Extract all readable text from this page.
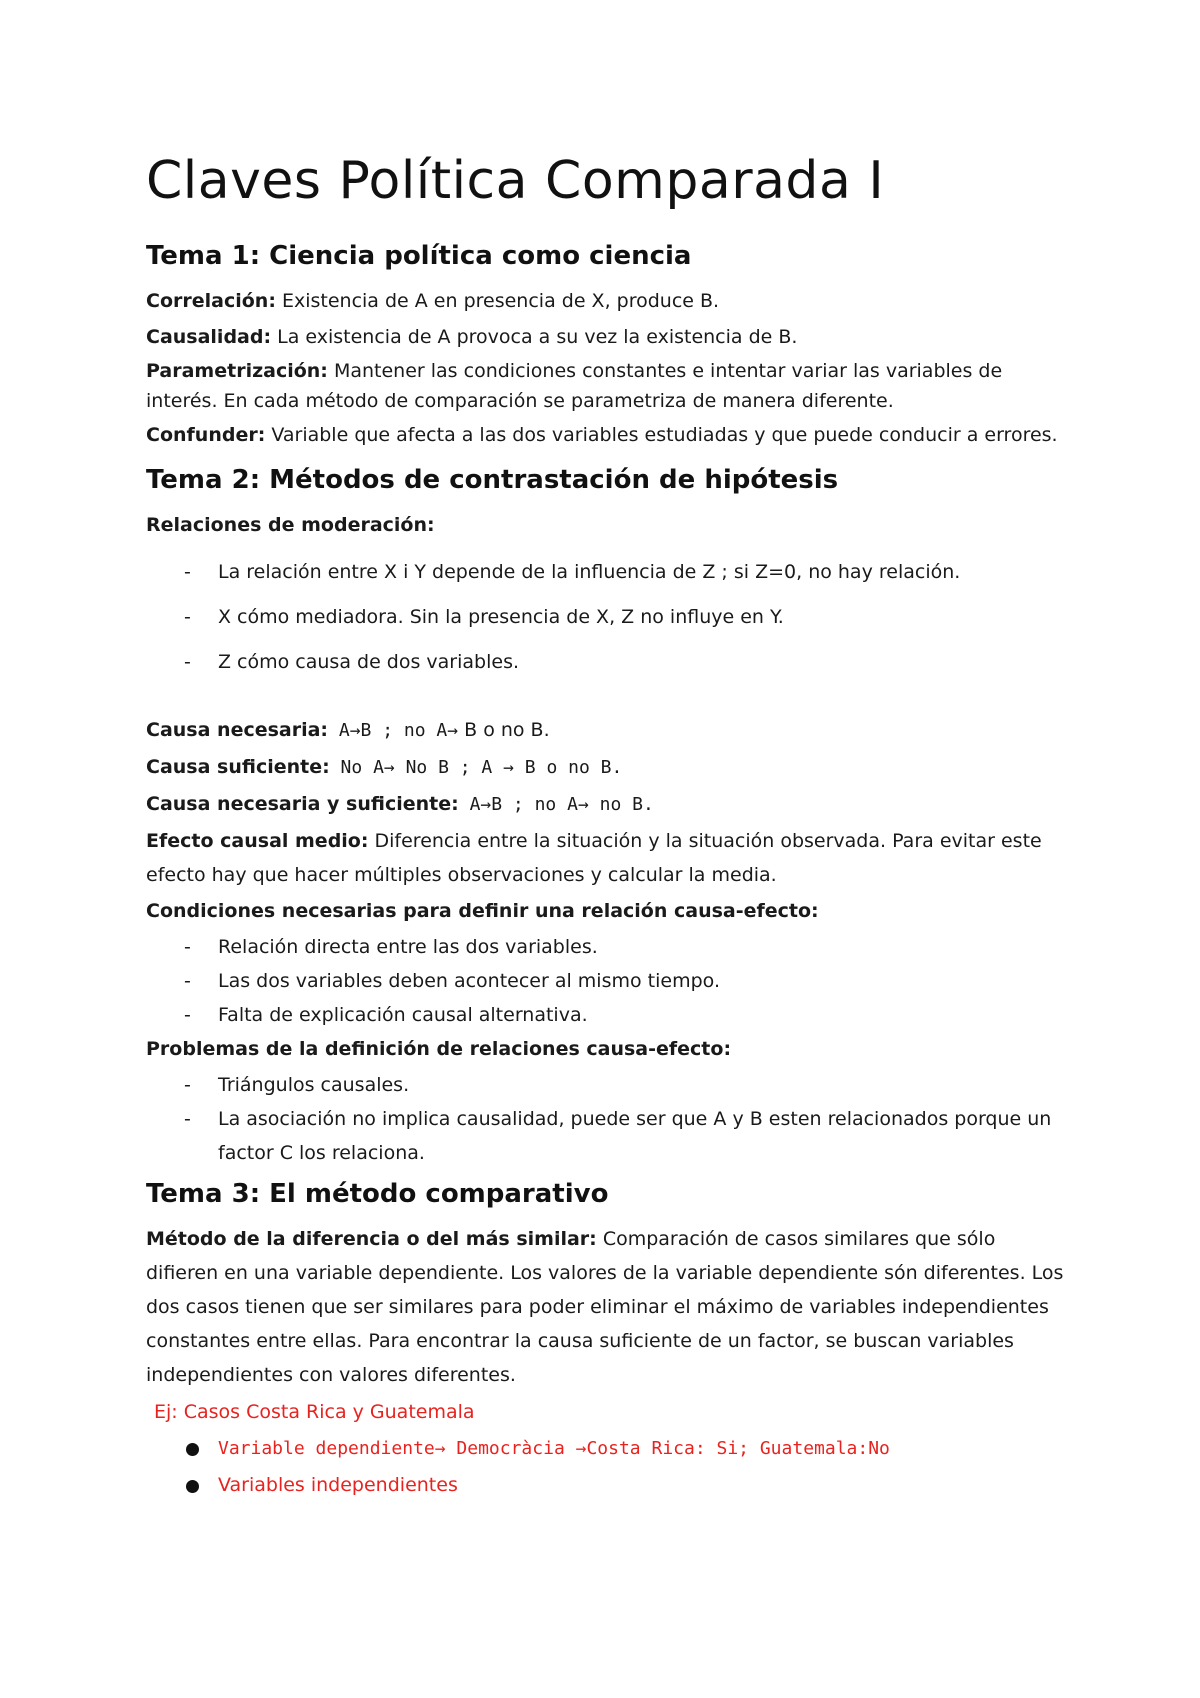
Claves Política Comparada I
Tema 1: Ciencia política como ciencia

Correlación: Existencia de A en presencia de X, produce B.

Causalidad: La existencia de A provoca a su vez la existencia de B.

Parametrización: Mantener las condiciones constantes e intentar variar las variables de interés. En cada método de comparación se parametriza de manera diferente.

Confunder: Variable que afecta a las dos variables estudiadas y que puede conducir a errores.

Tema 2: Métodos de contrastación de hipótesis

Relaciones de moderación:

- La relación entre X i Y depende de la influencia de Z ; si Z=0, no hay relación.
- X cómo mediadora. Sin la presencia de X, Z no influye en Y.
- Z cómo causa de dos variables.

Causa necesaria: A→B ; no A→ B o no B.

Causa suficiente: No A→ No B ; A → B o no B.

Causa necesaria y suficiente: A→B ; no A→ no B.

Efecto causal medio: Diferencia entre la situación y la situación observada. Para evitar este efecto hay que hacer múltiples observaciones y calcular la media.

Condiciones necesarias para definir una relación causa-efecto:

- Relación directa entre las dos variables.
- Las dos variables deben acontecer al mismo tiempo.
- Falta de explicación causal alternativa.

Problemas de la definición de relaciones causa-efecto:

- Triángulos causales.
- La asociación no implica causalidad, puede ser que A y B esten relacionados porque un factor C los relaciona.
Tema 3: El método comparativo

Método de la diferencia o del más similar: Comparación de casos similares que sólo difieren en una variable dependiente. Los valores de la variable dependiente són diferentes. Los dos casos tienen que ser similares para poder eliminar el máximo de variables independientes constantes entre ellas. Para encontrar la causa suficiente de un factor, se buscan variables independientes con valores diferentes.

Ej: Casos Costa Rica y Guatemala
Variable dependiente→ Democràcia →Costa Rica: Si; Guatemala:No
Variables independientes
